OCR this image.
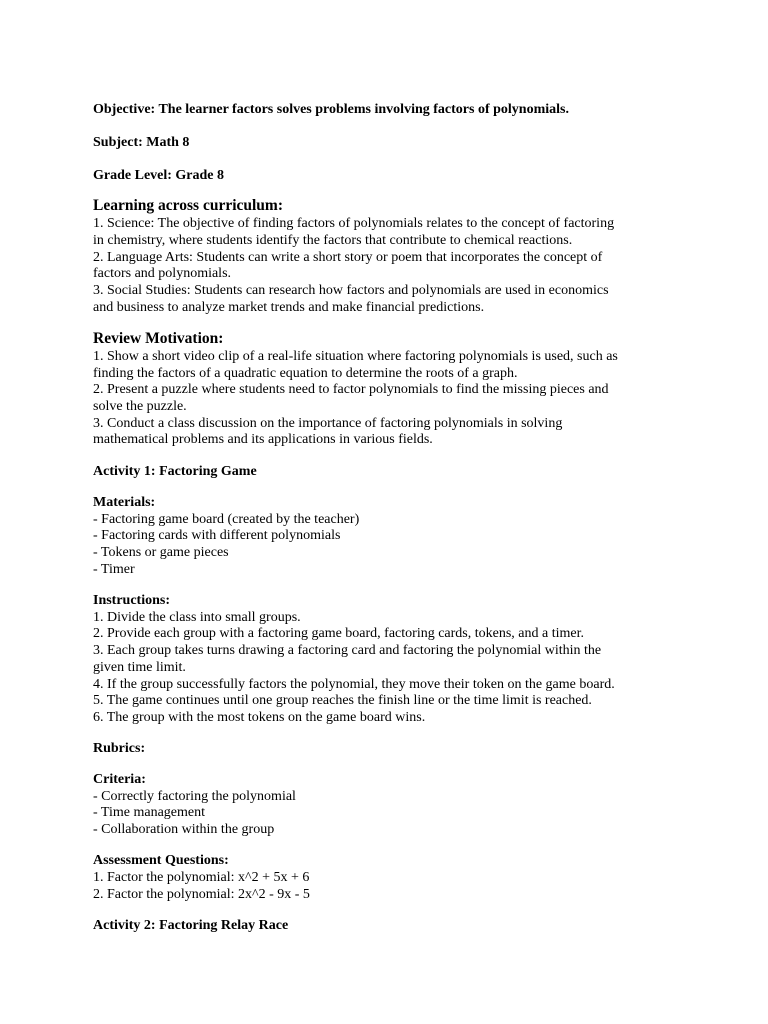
Objective: The learner factors solves problems involving factors of polynomials.
Subject: Math 8
Grade Level: Grade 8
Learning across curriculum:
1. Science: The objective of finding factors of polynomials relates to the concept of factoring
in chemistry, where students identify the factors that contribute to chemical reactions.
2. Language Arts: Students can write a short story or poem that incorporates the concept of
factors and polynomials.
3. Social Studies: Students can research how factors and polynomials are used in economics
and business to analyze market trends and make financial predictions.
Review Motivation:
1. Show a short video clip of a real-life situation where factoring polynomials is used, such as
finding the factors of a quadratic equation to determine the roots of a graph.
2. Present a puzzle where students need to factor polynomials to find the missing pieces and
solve the puzzle.
3. Conduct a class discussion on the importance of factoring polynomials in solving
mathematical problems and its applications in various fields.
Activity 1: Factoring Game
Materials:
- Factoring game board (created by the teacher)
- Factoring cards with different polynomials
- Tokens or game pieces
- Timer
Instructions:
1. Divide the class into small groups.
2. Provide each group with a factoring game board, factoring cards, tokens, and a timer.
3. Each group takes turns drawing a factoring card and factoring the polynomial within the
given time limit.
4. If the group successfully factors the polynomial, they move their token on the game board.
5. The game continues until one group reaches the finish line or the time limit is reached.
6. The group with the most tokens on the game board wins.
Rubrics:
Criteria:
- Correctly factoring the polynomial
- Time management
- Collaboration within the group
Assessment Questions:
1. Factor the polynomial: x^2 + 5x + 6
2. Factor the polynomial: 2x^2 - 9x - 5
Activity 2: Factoring Relay Race
